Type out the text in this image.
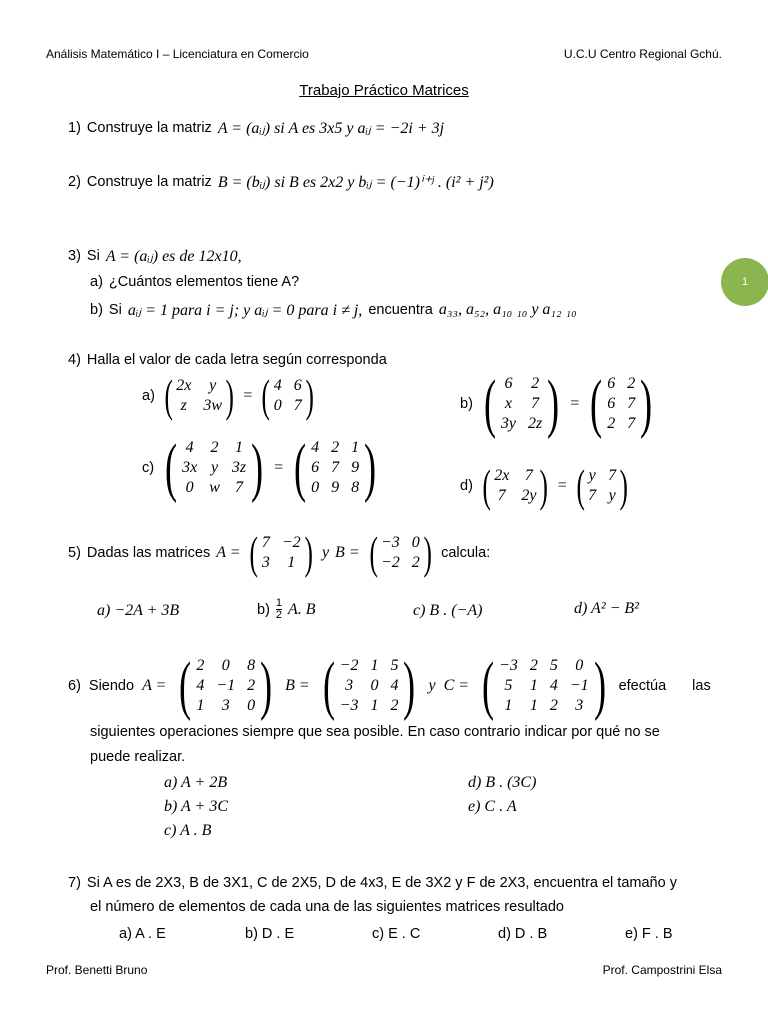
Análisis Matemático I – Licenciatura en Comercio	U.C.U Centro Regional Gchú.
Trabajo Práctico Matrices
1
1) Construye la matriz A = (aᵢⱼ) si A es 3x5 y aᵢⱼ = −2i + 3j
2) Construye la matriz B = (bᵢⱼ) si B es 2x2 y bᵢⱼ = (−1)ⁱ⁺ʲ . (i² + j²)
3) Si A = (aᵢⱼ) es de 12x10,
a) ¿Cuántos elementos tiene A?
b) Si aᵢⱼ = 1 para i = j; y aᵢⱼ = 0 para i ≠ j, encuentra a₃₃, a₅₂, a₁₀ ₁₀ y a₁₂ ₁₀
4) Halla el valor de cada letra según corresponda
a) ( 2x y
z 3w ) = ( 4 6
0 7 )	b) ( 6 2
x 7
3y 2z ) = ( 6 2
6 7
2 7 )
c) ( 4 2 1
3x y 3z
0 w 7 ) = ( 4 2 1
6 7 9
0 9 8 )	d) ( 2x 7
7 2y ) = ( y 7
7 y )
5) Dadas las matrices A = ( 7 −2
3 1 ) y B = ( −3 0
−2 2 ) calcula:
a) −2A + 3B	$b) \frac{1}{2} A$. B	c) B . (−A)	d) A² − B²
6) Siendo A = ( 2 0 8
4 −1 2
1 3 0 ) B = ( −2 1 5
3 0 4
−3 1 2 ) y C = ( −3 2 5 0
5 1 4 −1
1 1 2 3 ) efectúa las
siguientes operaciones siempre que sea posible. En caso contrario indicar por qué no se
puede realizar.
a) A + 2B
b) A + 3C
c) A . B
d) B . (3C)
e) C . A
7) Si A es de 2X3, B de 3X1, C de 2X5, D de 4x3, E de 3X2 y F de 2X3, encuentra el tamaño y
el número de elementos de cada una de las siguientes matrices resultado
a) A . E	b) D . E	c) E . C	d) D . B	e) F . B
Prof. Benetti Bruno	Prof. Campostrini Elsa
